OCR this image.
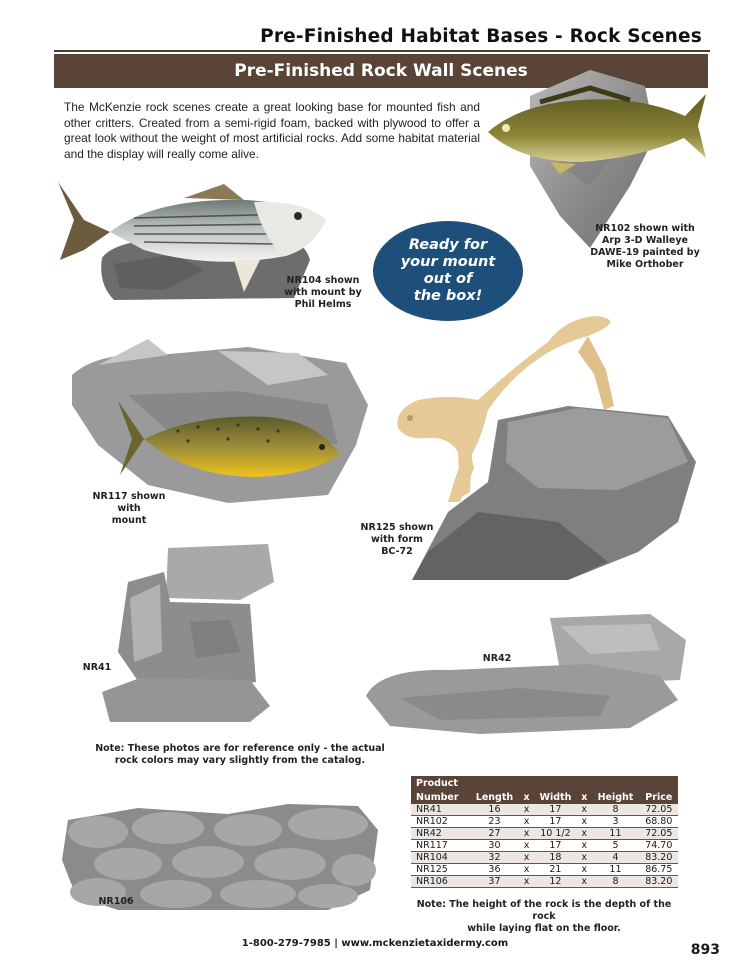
Pre-Finished Habitat Bases - Rock Scenes
Pre-Finished Rock Wall Scenes
The McKenzie rock scenes create a great looking base for mounted fish and other critters. Created from a semi-rigid foam, backed with plywood to offer a great look without the weight of most artificial rocks. Add some habitat material and the display will really come alive.
NR104 shown
with mount by
Phil Helms
Ready for
your mount
out of
the box!
NR102 shown with
Arp 3-D Walleye
DAWE-19 painted by
Mike Orthober
NR117 shown with
mount
NR125 shown
with form
BC-72
NR41
NR42
Note: These photos are for reference only - the actual
rock colors may vary slightly from the catalog.
NR106
Product						
Number	Length	x	Width	x	Height	Price
NR41	16	x	17	x	8	72.05
NR102	23	x	17	x	3	68.80
NR42	27	x	10 1/2	x	11	72.05
NR117	30	x	17	x	5	74.70
NR104	32	x	18	x	4	83.20
NR125	36	x	21	x	11	86.75
NR106	37	x	12	x	8	83.20
Note: The height of the rock is the depth of the rock
while laying flat on the floor.
1-800-279-7985 | www.mckenzietaxidermy.com	893
